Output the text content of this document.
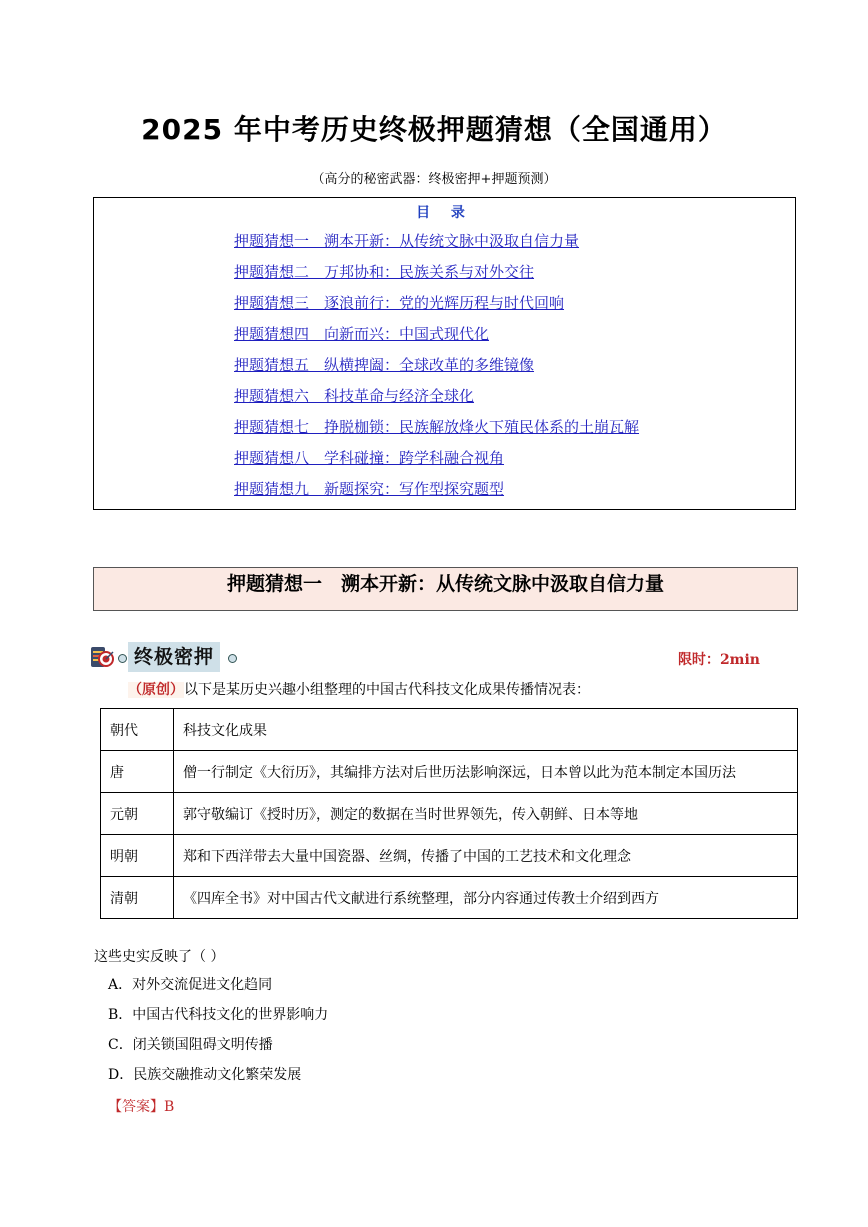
2025 年中考历史终极押题猜想（全国通用）
（高分的秘密武器：终极密押+押题预测）
目 录
押题猜想一　溯本开新：从传统文脉中汲取自信力量
押题猜想二　万邦协和：民族关系与对外交往
押题猜想三　逐浪前行：党的光辉历程与时代回响
押题猜想四　向新而兴：中国式现代化
押题猜想五　纵横捭阖：全球改革的多维镜像
押题猜想六　科技革命与经济全球化
押题猜想七　挣脱枷锁：民族解放烽火下殖民体系的土崩瓦解
押题猜想八　学科碰撞：跨学科融合视角
押题猜想九　新题探究：写作型探究题型
押题猜想一　溯本开新：从传统文脉中汲取自信力量
终极密押	限时：2min
（原创）以下是某历史兴趣小组整理的中国古代科技文化成果传播情况表：
朝代	科技文化成果
唐	僧一行制定《大衍历》，其编排方法对后世历法影响深远，日本曾以此为范本制定本国历法
元朝	郭守敬编订《授时历》，测定的数据在当时世界领先，传入朝鲜、日本等地
明朝	郑和下西洋带去大量中国瓷器、丝绸，传播了中国的工艺技术和文化理念
清朝	《四库全书》对中国古代文献进行系统整理，部分内容通过传教士介绍到西方
这些史实反映了（ ）
A．对外交流促进文化趋同
B．中国古代科技文化的世界影响力
C．闭关锁国阻碍文明传播
D．民族交融推动文化繁荣发展
【答案】B
